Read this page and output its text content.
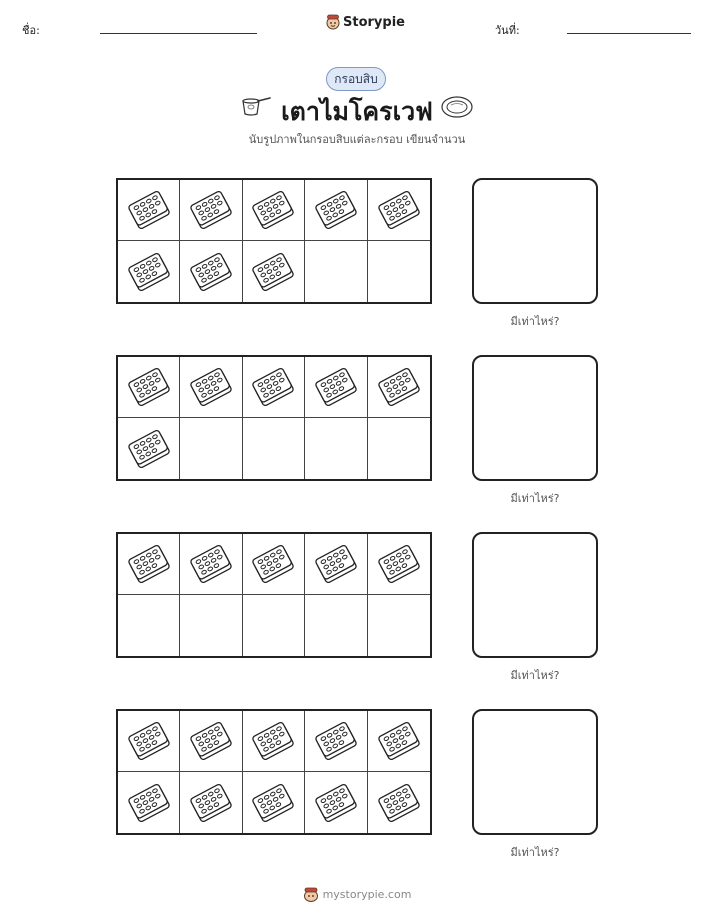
ชื่อ:
Storypie
วันที่:
กรอบสิบ
เตาไมโครเวฟ
นับรูปภาพในกรอบสิบแต่ละกรอบ เขียนจำนวน
มีเท่าไหร่?
มีเท่าไหร่?
มีเท่าไหร่?
มีเท่าไหร่?
mystorypie.com
